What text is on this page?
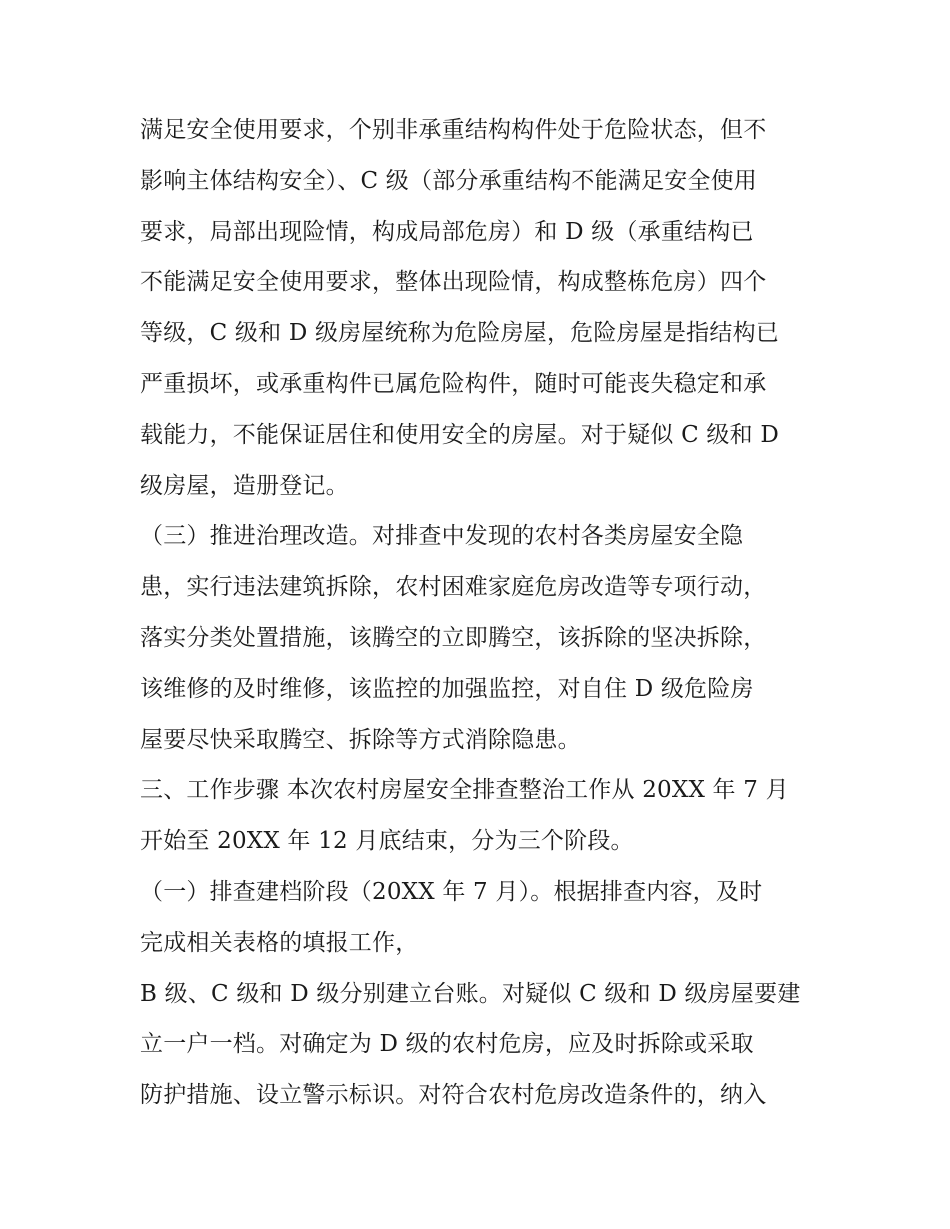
满足安全使用要求，个别非承重结构构件处于危险状态，但不
影响主体结构安全）、C 级（部分承重结构不能满足安全使用
要求，局部出现险情，构成局部危房）和 D 级（承重结构已
不能满足安全使用要求，整体出现险情，构成整栋危房）四个
等级，C 级和 D 级房屋统称为危险房屋，危险房屋是指结构已
严重损坏，或承重构件已属危险构件，随时可能丧失稳定和承
载能力，不能保证居住和使用安全的房屋。对于疑似 C 级和 D
级房屋，造册登记。
（三）推进治理改造。对排查中发现的农村各类房屋安全隐
患，实行违法建筑拆除，农村困难家庭危房改造等专项行动，
落实分类处置措施，该腾空的立即腾空，该拆除的坚决拆除，
该维修的及时维修，该监控的加强监控，对自住 D 级危险房
屋要尽快采取腾空、拆除等方式消除隐患。
三、工作步骤 本次农村房屋安全排查整治工作从 20XX 年 7 月
开始至 20XX 年 12 月底结束，分为三个阶段。
（一）排查建档阶段（20XX 年 7 月）。根据排查内容，及时
完成相关表格的填报工作，
B 级、C 级和 D 级分别建立台账。对疑似 C 级和 D 级房屋要建
立一户一档。对确定为 D 级的农村危房，应及时拆除或采取
防护措施、设立警示标识。对符合农村危房改造条件的，纳入
